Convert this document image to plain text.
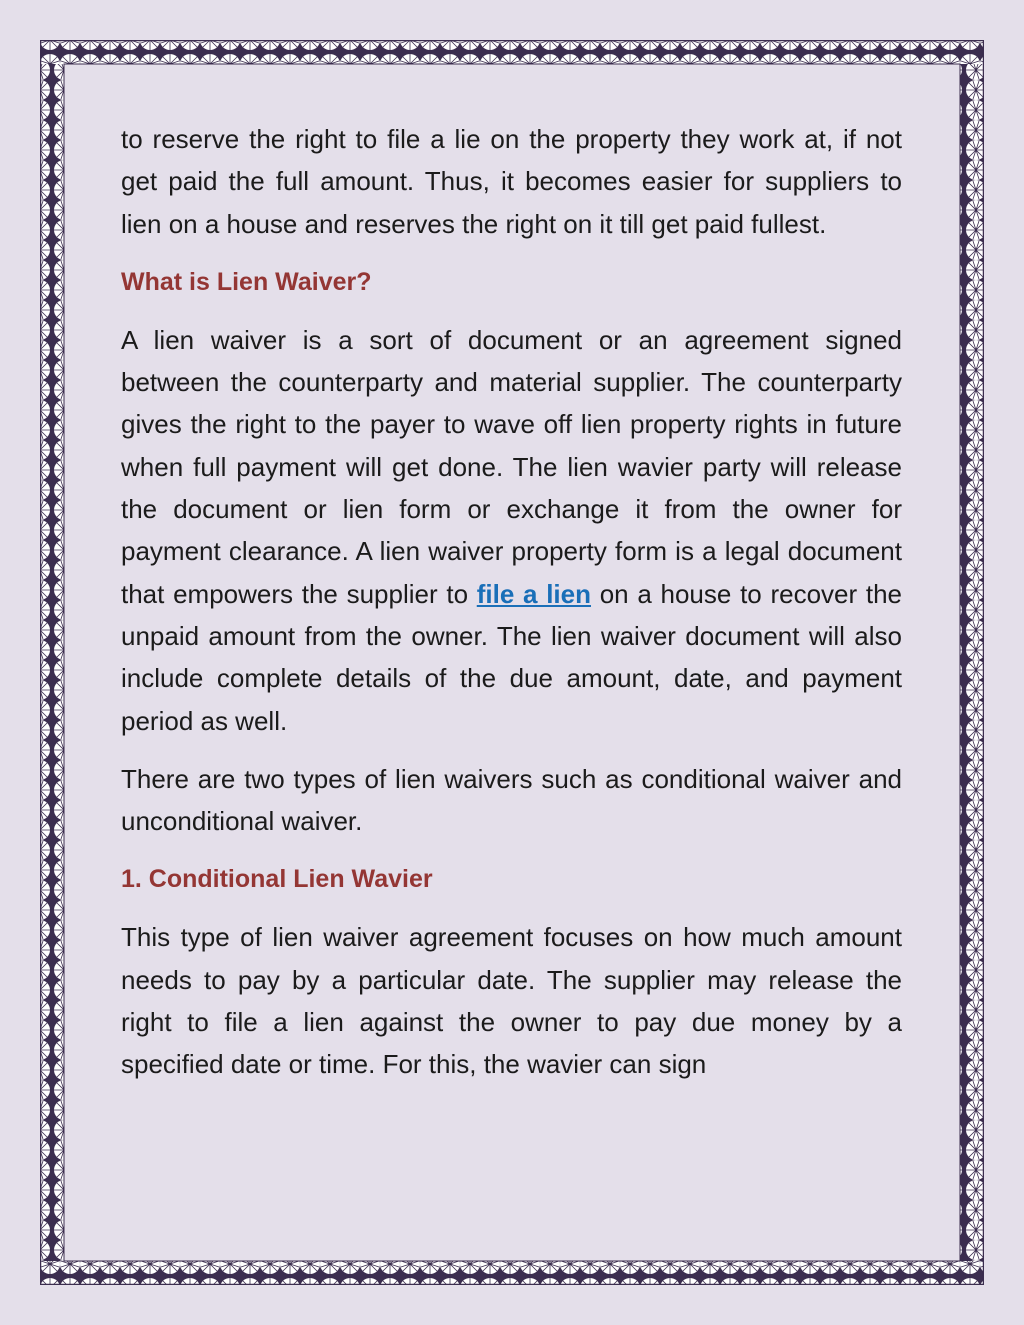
to reserve the right to file a lie on the property they work at, if not get paid the full amount. Thus, it becomes easier for suppliers to lien on a house and reserves the right on it till get paid fullest.

What is Lien Waiver?

A lien waiver is a sort of document or an agreement signed between the counterparty and material supplier. The counterparty gives the right to the payer to wave off lien property rights in future when full payment will get done. The lien wavier party will release the document or lien form or exchange it from the owner for payment clearance. A lien waiver property form is a legal document that empowers the supplier to file a lien on a house to recover the unpaid amount from the owner. The lien waiver document will also include complete details of the due amount, date, and payment period as well.

There are two types of lien waivers such as conditional waiver and unconditional waiver.

1. Conditional Lien Wavier

This type of lien waiver agreement focuses on how much amount needs to pay by a particular date. The supplier may release the right to file a lien against the owner to pay due money by a specified date or time. For this, the wavier can sign
